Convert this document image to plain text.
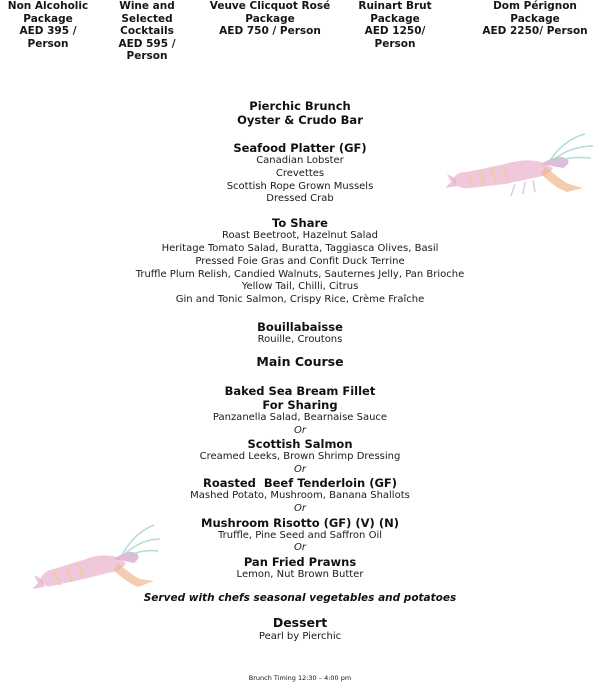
Non Alcoholic
Package
AED 395 /
Person
Wine and
Selected
Cocktails
AED 595 /
Person
Veuve Clicquot Rosé
Package
AED 750 / Person
Ruinart Brut
Package
AED 1250/
Person
Dom Pérignon
Package
AED 2250/ Person
Pierchic Brunch
Oyster & Crudo Bar
Seafood Platter (GF)
Canadian Lobster
Crevettes
Scottish Rope Grown Mussels
Dressed Crab
To Share
Roast Beetroot, Hazelnut Salad
Heritage Tomato Salad, Buratta, Taggiasca Olives, Basil
Pressed Foie Gras and Confit Duck Terrine
Truffle Plum Relish, Candied Walnuts, Sauternes Jelly, Pan Brioche
Yellow Tail, Chilli, Citrus
Gin and Tonic Salmon, Crispy Rice, Crème Fraîche
Bouillabaisse
Rouille, Croutons
Main Course
Baked Sea Bream Fillet
For Sharing
Panzanella Salad, Bearnaise Sauce
Or
Scottish Salmon
Creamed Leeks, Brown Shrimp Dressing
Or
Roasted  Beef Tenderloin (GF)
Mashed Potato, Mushroom, Banana Shallots
Or
Mushroom Risotto (GF) (V) (N)
Truffle, Pine Seed and Saffron Oil
Or
Pan Fried Prawns
Lemon, Nut Brown Butter
Served with chefs seasonal vegetables and potatoes
Dessert
Pearl by Pierchic
Brunch Timing 12:30 – 4:00 pm
